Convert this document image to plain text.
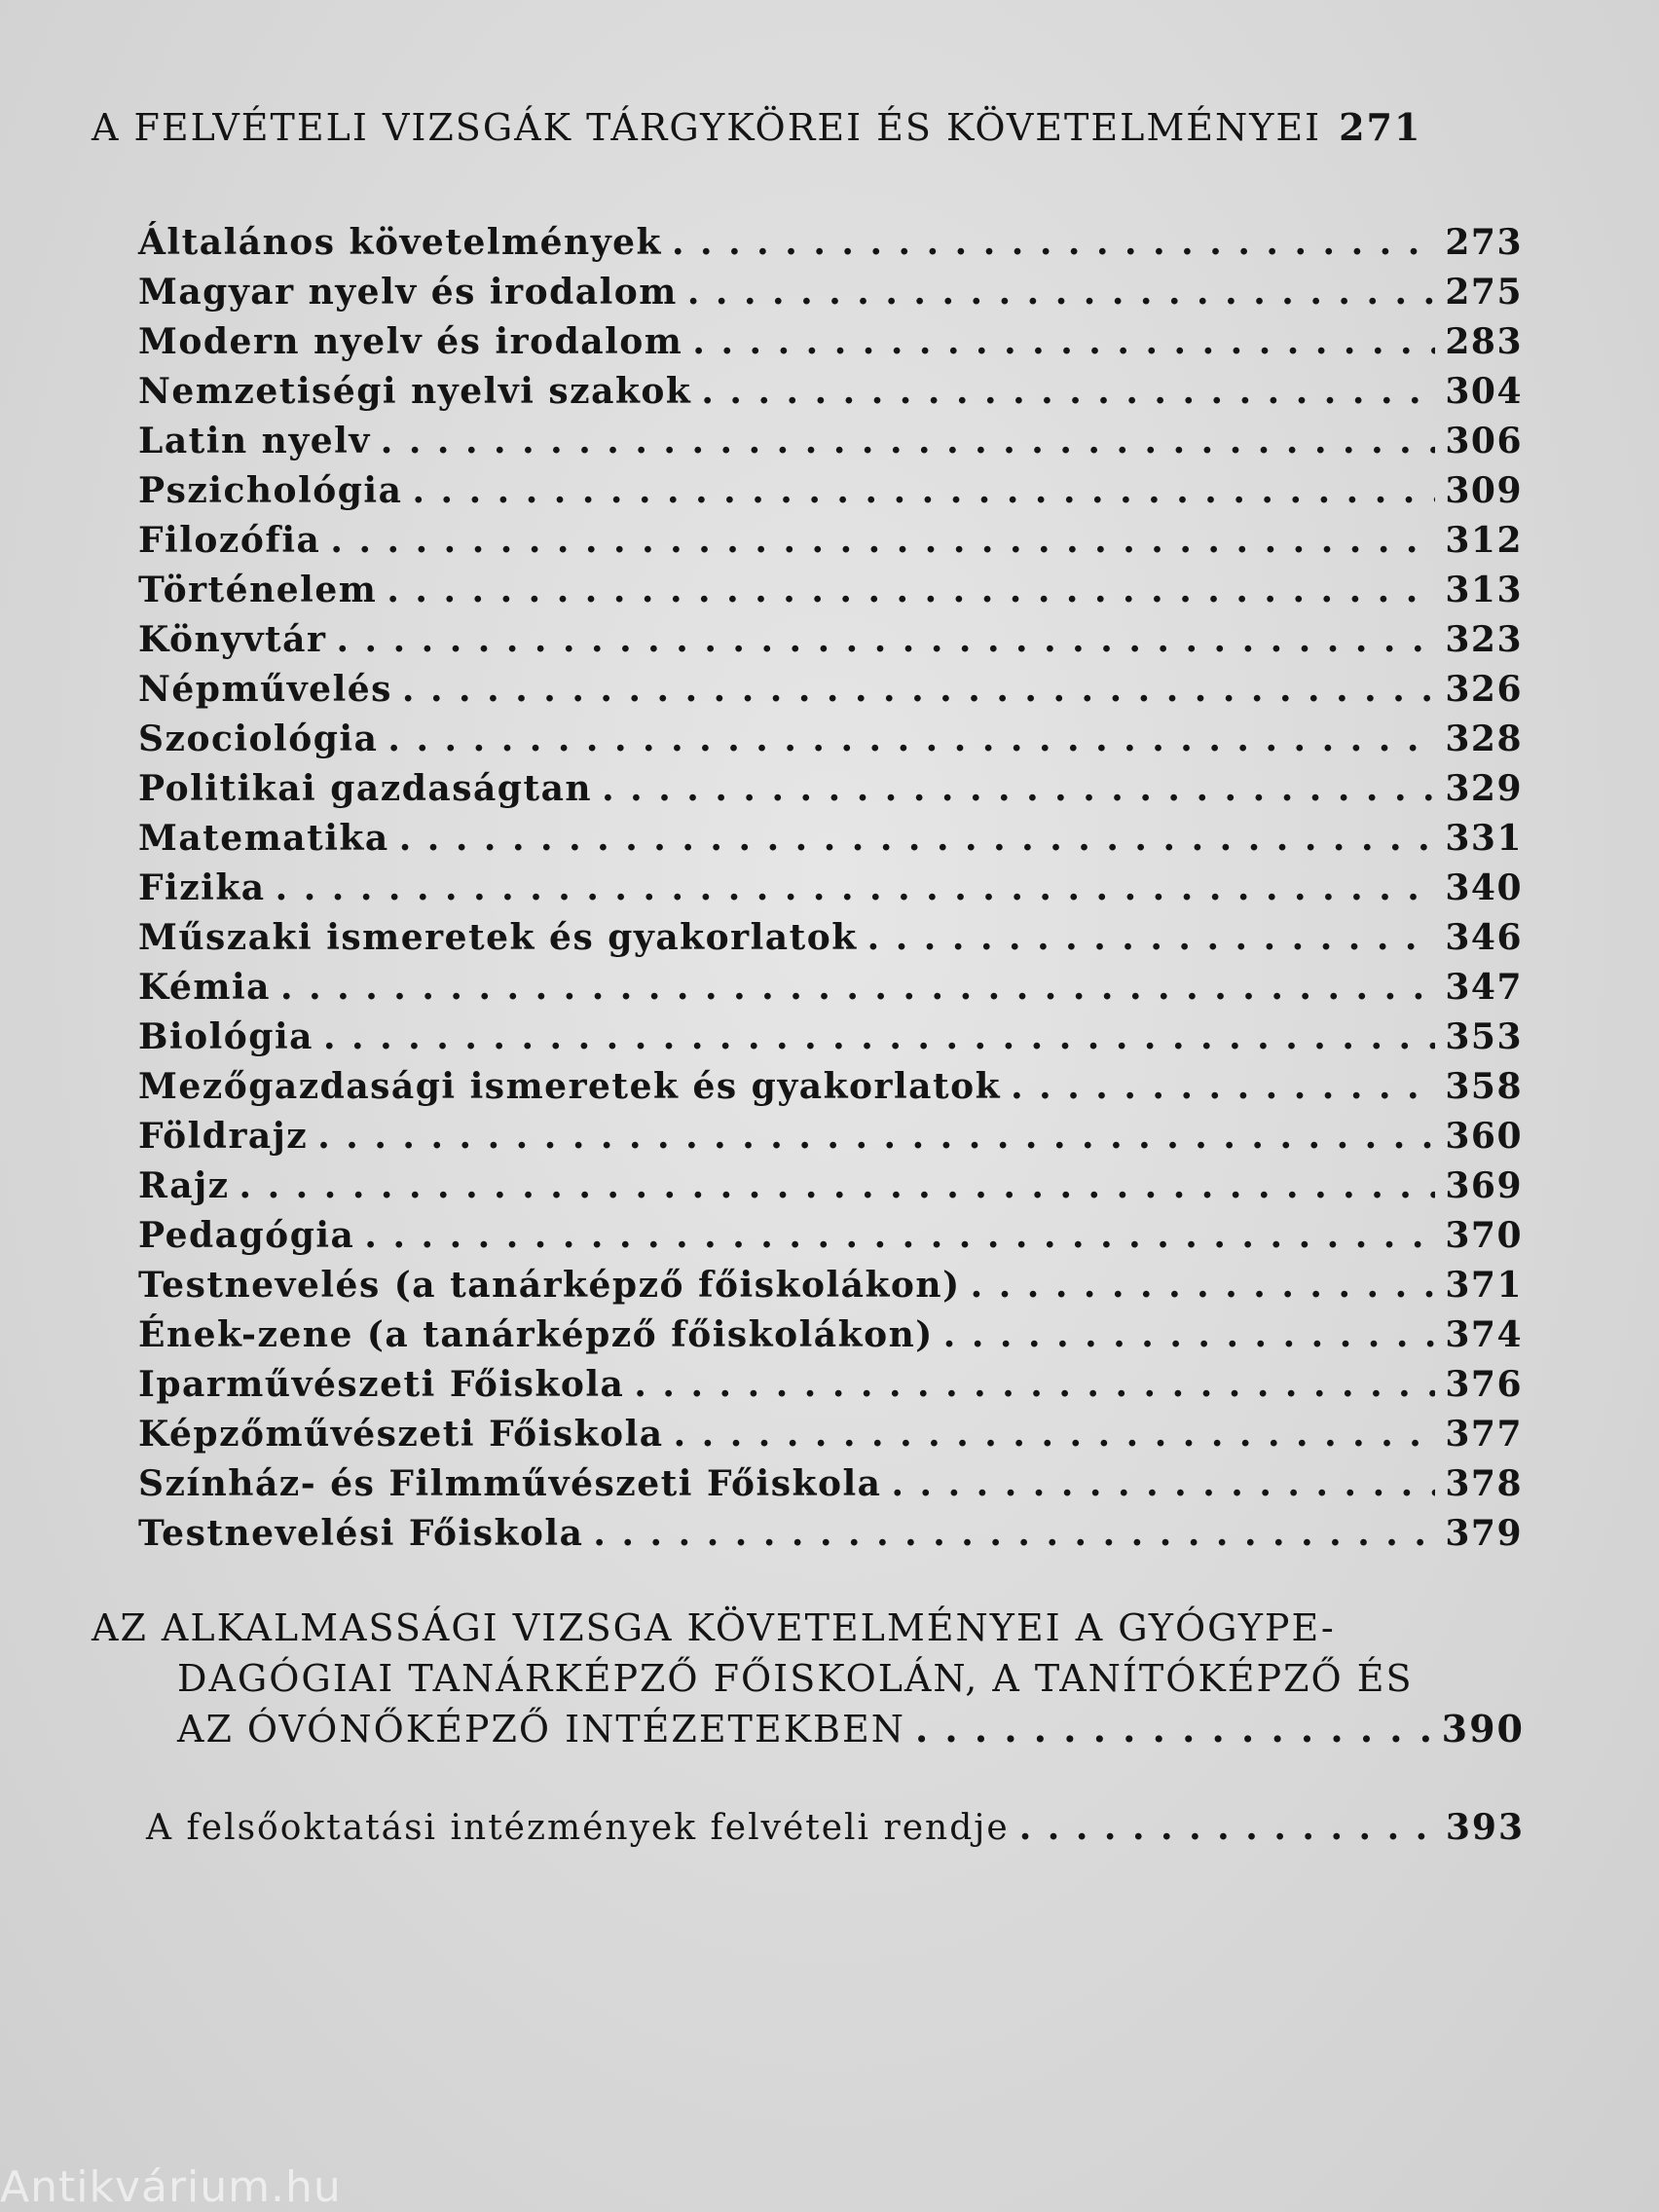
A FELVÉTELI VIZSGÁK TÁRGYKÖREI ÉS KÖVETELMÉNYEI 271
Általános követelmények . . .	273
Magyar nyelv és irodalom . . .	275
Modern nyelv és irodalom . . .	283
Nemzetiségi nyelvi szakok . . .	304
Latin nyelv . . .	306
Pszichológia . . .	309
Filozófia . . .	312
Történelem . . .	313
Könyvtár . . .	323
Népművelés . . .	326
Szociológia . . .	328
Politikai gazdaságtan . . .	329
Matematika . . .	331
Fizika . . .	340
Műszaki ismeretek és gyakorlatok . . .	346
Kémia . . .	347
Biológia . . .	353
Mezőgazdasági ismeretek és gyakorlatok . . .	358
Földrajz . . .	360
Rajz . . .	369
Pedagógia . . .	370
Testnevelés (a tanárképző főiskolákon) . . .	371
Ének-zene (a tanárképző főiskolákon) . . .	374
Iparművészeti Főiskola . . .	376
Képzőművészeti Főiskola . . .	377
Színház- és Filmművészeti Főiskola . . .	378
Testnevelési Főiskola . . .	379
AZ ALKALMASSÁGI VIZSGA KÖVETELMÉNYEI A GYÓGYPE-
DAGÓGIAI TANÁRKÉPZŐ FŐISKOLÁN, A TANÍTÓKÉPZŐ ÉS
AZ ÓVÓNŐKÉPZŐ INTÉZETEKBEN . . .	390
A felsőoktatási intézmények felvételi rendje . . .	393
Antikvárium.hu
